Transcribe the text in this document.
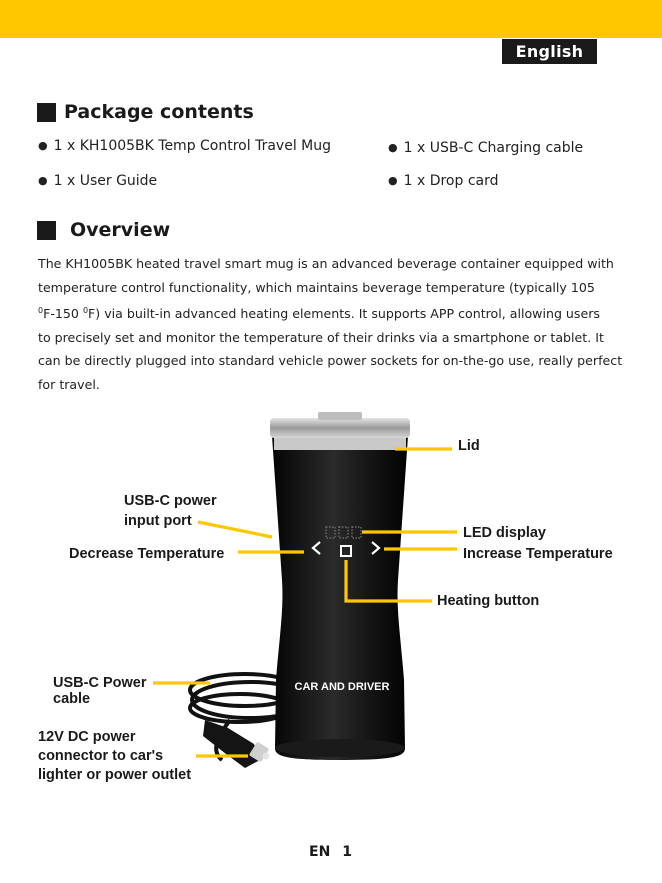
English
Package contents
● 1 x KH1005BK Temp Control Travel Mug	● 1 x USB-C Charging cable
● 1 x User Guide	● 1 x Drop card
Overview
The KH1005BK heated travel smart mug is an advanced beverage container equipped with
temperature control functionality, which maintains beverage temperature (typically 105
$^0$F-150 $^0$F) via built-in advanced heating elements. It supports APP control, allowing users
to precisely set and monitor the temperature of their drinks via a smartphone or tablet. It
can be directly plugged into standard vehicle power sockets for on-the-go use, really perfect
for travel.
CAR AND DRIVER
Lid
USB-C power
input port
Decrease Temperature
LED display
Increase Temperature
Heating button
USB-C Power
cable
12V DC power
connector to car's
lighter or power outlet
EN 1
